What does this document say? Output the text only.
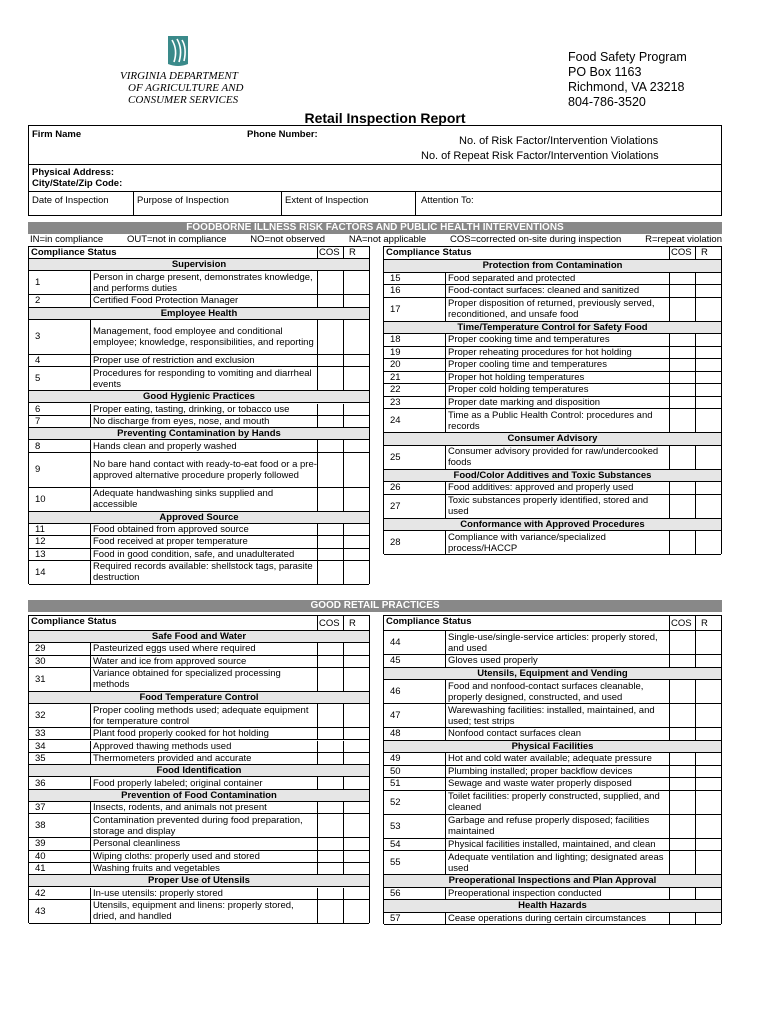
VIRGINIA DEPARTMENT
OF AGRICULTURE AND
CONSUMER SERVICES
Food Safety Program
PO Box 1163
Richmond, VA 23218
804-786-3520
Retail Inspection Report
Firm Name	Phone Number:
No. of Risk Factor/Intervention Violations
No. of Repeat Risk Factor/Intervention Violations
Physical Address:
City/State/Zip Code:
Date of Inspection	Purpose of Inspection	Extent of Inspection	Attention To:
FOODBORNE ILLNESS RISK FACTORS AND PUBLIC HEALTH INTERVENTIONS
IN=in compliance	OUT=not in compliance	NO=not observed	NA=not applicable	COS=corrected on-site during inspection	R=repeat violation
Compliance Status	COS R
Supervision
1	Person in charge present, demonstrates knowledge, and performs duties
2	Certified Food Protection Manager
Employee Health
3	Management, food employee and conditional employee; knowledge, responsibilities, and reporting
4	Proper use of restriction and exclusion
5	Procedures for responding to vomiting and diarrheal events
Good Hygienic Practices
6	Proper eating, tasting, drinking, or tobacco use
7	No discharge from eyes, nose, and mouth
Preventing Contamination by Hands
8	Hands clean and properly washed
9	No bare hand contact with ready-to-eat food or a pre-approved alternative procedure properly followed
10	Adequate handwashing sinks supplied and accessible
Approved Source
11	Food obtained from approved source
12	Food received at proper temperature
13	Food in good condition, safe, and unadulterated
14	Required records available: shellstock tags, parasite destruction
Compliance Status	COS R
Protection from Contamination
15	Food separated and protected
16	Food-contact surfaces: cleaned and sanitized
17	Proper disposition of returned, previously served, reconditioned, and unsafe food
Time/Temperature Control for Safety Food
18	Proper cooking time and temperatures
19	Proper reheating procedures for hot holding
20	Proper cooling time and temperatures
21	Proper hot holding temperatures
22	Proper cold holding temperatures
23	Proper date marking and disposition
24	Time as a Public Health Control: procedures and records
Consumer Advisory
25	Consumer advisory provided for raw/undercooked foods
Food/Color Additives and Toxic Substances
26	Food additives: approved and properly used
27	Toxic substances properly identified, stored and used
Conformance with Approved Procedures
28	Compliance with variance/specialized process/HACCP
GOOD RETAIL PRACTICES
Compliance Status	COS R
Safe Food and Water
29	Pasteurized eggs used where required
30	Water and ice from approved source
31	Variance obtained for specialized processing methods
Food Temperature Control
32	Proper cooling methods used; adequate equipment for temperature control
33	Plant food properly cooked for hot holding
34	Approved thawing methods used
35	Thermometers provided and accurate
Food Identification
36	Food properly labeled; original container
Prevention of Food Contamination
37	Insects, rodents, and animals not present
38	Contamination prevented during food preparation, storage and display
39	Personal cleanliness
40	Wiping cloths: properly used and stored
41	Washing fruits and vegetables
Proper Use of Utensils
42	In-use utensils: properly stored
43	Utensils, equipment and linens: properly stored, dried, and handled
Compliance Status	COS R
44	Single-use/single-service articles: properly stored, and used
45	Gloves used properly
Utensils, Equipment and Vending
46	Food and nonfood-contact surfaces cleanable, properly designed, constructed, and used
47	Warewashing facilities: installed, maintained, and used; test strips
48	Nonfood contact surfaces clean
Physical Facilities
49	Hot and cold water available; adequate pressure
50	Plumbing installed; proper backflow devices
51	Sewage and waste water properly disposed
52	Toilet facilities: properly constructed, supplied, and cleaned
53	Garbage and refuse properly disposed; facilities maintained
54	Physical facilities installed, maintained, and clean
55	Adequate ventilation and lighting; designated areas used
Preoperational Inspections and Plan Approval
56	Preoperational inspection conducted
Health Hazards
57	Cease operations during certain circumstances
